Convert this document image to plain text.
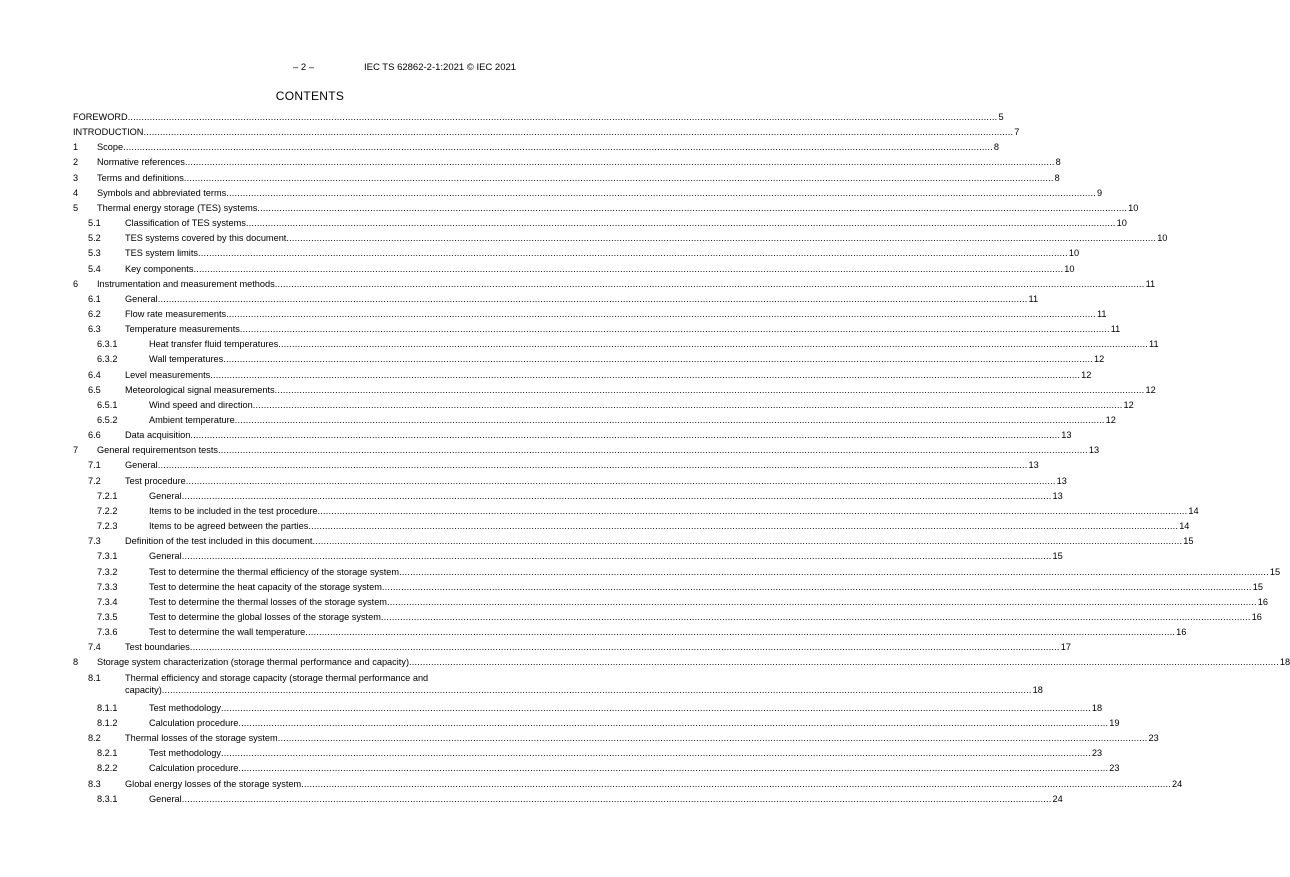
– 2 –	IEC TS 62862-2-1:2021 © IEC 2021
CONTENTS
FOREWORD ............................................................................................................................................................................................................................................................................................................................ 5
INTRODUCTION ............................................................................................................................................................................................................................................................................................................................ 7
1 Scope ............................................................................................................................................................................................................................................................................................................................ 8
2 Normative references ............................................................................................................................................................................................................................................................................................................................ 8
3 Terms and definitions ............................................................................................................................................................................................................................................................................................................................ 8
4 Symbols and abbreviated terms ............................................................................................................................................................................................................................................................................................................................ 9
5 Thermal energy storage (TES) systems ............................................................................................................................................................................................................................................................................................................................ 10
5.1	Classification of TES systems ............................................................................................................................................................................................................................................................................................................................ 10
5.2	TES systems covered by this document ............................................................................................................................................................................................................................................................................................................................ 10
5.3	TES system limits ............................................................................................................................................................................................................................................................................................................................ 10
5.4	Key components ............................................................................................................................................................................................................................................................................................................................ 10
6 Instrumentation and measurement methods ............................................................................................................................................................................................................................................................................................................................ 11
6.1	General ............................................................................................................................................................................................................................................................................................................................ 11
6.2	Flow rate measurements ............................................................................................................................................................................................................................................................................................................................ 11
6.3	Temperature measurements ............................................................................................................................................................................................................................................................................................................................ 11
6.3.1	Heat transfer fluid temperatures ............................................................................................................................................................................................................................................................................................................................ 11
6.3.2	Wall temperatures ............................................................................................................................................................................................................................................................................................................................ 12
6.4	Level measurements ............................................................................................................................................................................................................................................................................................................................ 12
6.5	Meteorological signal measurements ............................................................................................................................................................................................................................................................................................................................ 12
6.5.1	Wind speed and direction ............................................................................................................................................................................................................................................................................................................................ 12
6.5.2	Ambient temperature ............................................................................................................................................................................................................................................................................................................................ 12
6.6	Data acquisition ............................................................................................................................................................................................................................................................................................................................ 13
7 General requirementson tests ............................................................................................................................................................................................................................................................................................................................ 13
7.1	General ............................................................................................................................................................................................................................................................................................................................ 13
7.2	Test procedure ............................................................................................................................................................................................................................................................................................................................ 13
7.2.1	General ............................................................................................................................................................................................................................................................................................................................ 13
7.2.2	Items to be included in the test procedure ............................................................................................................................................................................................................................................................................................................................ 14
7.2.3	Items to be agreed between the parties ............................................................................................................................................................................................................................................................................................................................ 14
7.3	Definition of the test included in this document ............................................................................................................................................................................................................................................................................................................................ 15
7.3.1	General ............................................................................................................................................................................................................................................................................................................................ 15
7.3.2	Test to determine the thermal efficiency of the storage system ............................................................................................................................................................................................................................................................................................................................ 15
7.3.3	Test to determine the heat capacity of the storage system ............................................................................................................................................................................................................................................................................................................................ 15
7.3.4	Test to determine the thermal losses of the storage system ............................................................................................................................................................................................................................................................................................................................ 16
7.3.5	Test to determine the global losses of the storage system ............................................................................................................................................................................................................................................................................................................................ 16
7.3.6	Test to determine the wall temperature ............................................................................................................................................................................................................................................................................................................................ 16
7.4	Test boundaries ............................................................................................................................................................................................................................................................................................................................ 17
8 Storage system characterization (storage thermal performance and capacity) ............................................................................................................................................................................................................................................................................................................................ 18
8.1	Thermal efficiency and storage capacity (storage thermal performance and
capacity) ............................................................................................................................................................................................................................................................................................................................ 18
8.1.1	Test methodology ............................................................................................................................................................................................................................................................................................................................ 18
8.1.2	Calculation procedure ............................................................................................................................................................................................................................................................................................................................ 19
8.2	Thermal losses of the storage system ............................................................................................................................................................................................................................................................................................................................ 23
8.2.1	Test methodology ............................................................................................................................................................................................................................................................................................................................ 23
8.2.2	Calculation procedure ............................................................................................................................................................................................................................................................................................................................ 23
8.3	Global energy losses of the storage system ............................................................................................................................................................................................................................................................................................................................ 24
8.3.1	General ............................................................................................................................................................................................................................................................................................................................ 24
